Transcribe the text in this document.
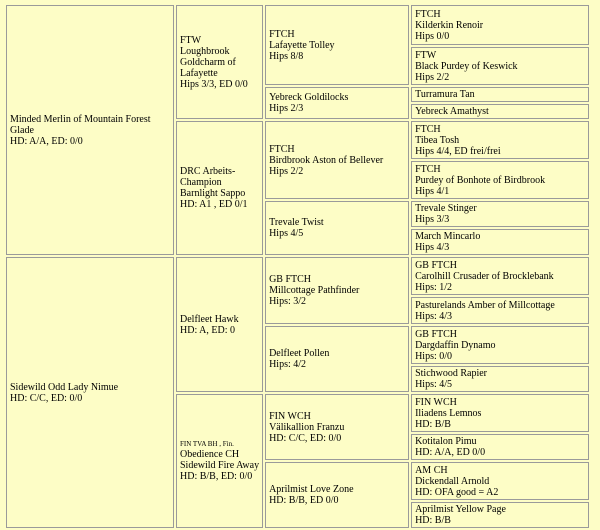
Minded Merlin of Mountain Forest Glade
HD: A/A, ED: 0/0	FTW
Loughbrook
Goldcharm of
Lafayette
Hips 3/3, ED 0/0	FTCH
Lafayette Tolley
Hips 8/8	FTCH
Kilderkin Renoir
Hips 0/0

			FTW
Black Purdey of Keswick
Hips 2/2

		Yebreck Goldilocks
Hips 2/3	Turramura Tan

			Yebreck Amathyst

	DRC Arbeits-
Champion
Barnlight Sappo
HD: A1 , ED 0/1	FTCH
Birdbrook Aston of Bellever
Hips 2/2	FTCH
Tibea Tosh
Hips 4/4, ED frei/frei

			FTCH
Purdey of Bonhote of Birdbrook
Hips 4/1

		Trevale Twist
Hips 4/5	Trevale Stinger
Hips 3/3

			March Mincarlo
Hips 4/3

Sidewild Odd Lady Nimue
HD: C/C, ED: 0/0	Delfleet Hawk
HD: A, ED: 0	GB FTCH
Millcottage Pathfinder
Hips: 3/2	GB FTCH
Carolhill Crusader of Brocklebank
Hips: 1/2

			Pasturelands Amber of Millcottage
Hips: 4/3

		Delfleet Pollen
Hips: 4/2	GB FTCH
Dargdaffin Dynamo
Hips: 0/0

			Stichwood Rapier
Hips: 4/5

	FIN TVA BH , Fin.
Obedience CH
Sidewild Fire Away
HD: B/B, ED: 0/0	FIN WCH
Välikallion Franzu
HD: C/C, ED: 0/0	FIN WCH
Iliadens Lemnos
HD: B/B

			Kotitalon Pimu
HD: A/A, ED 0/0

		Aprilmist Love Zone
HD: B/B, ED 0/0	AM CH
Dickendall Arnold
HD: OFA good = A2

			Aprilmist Yellow Page
HD: B/B
